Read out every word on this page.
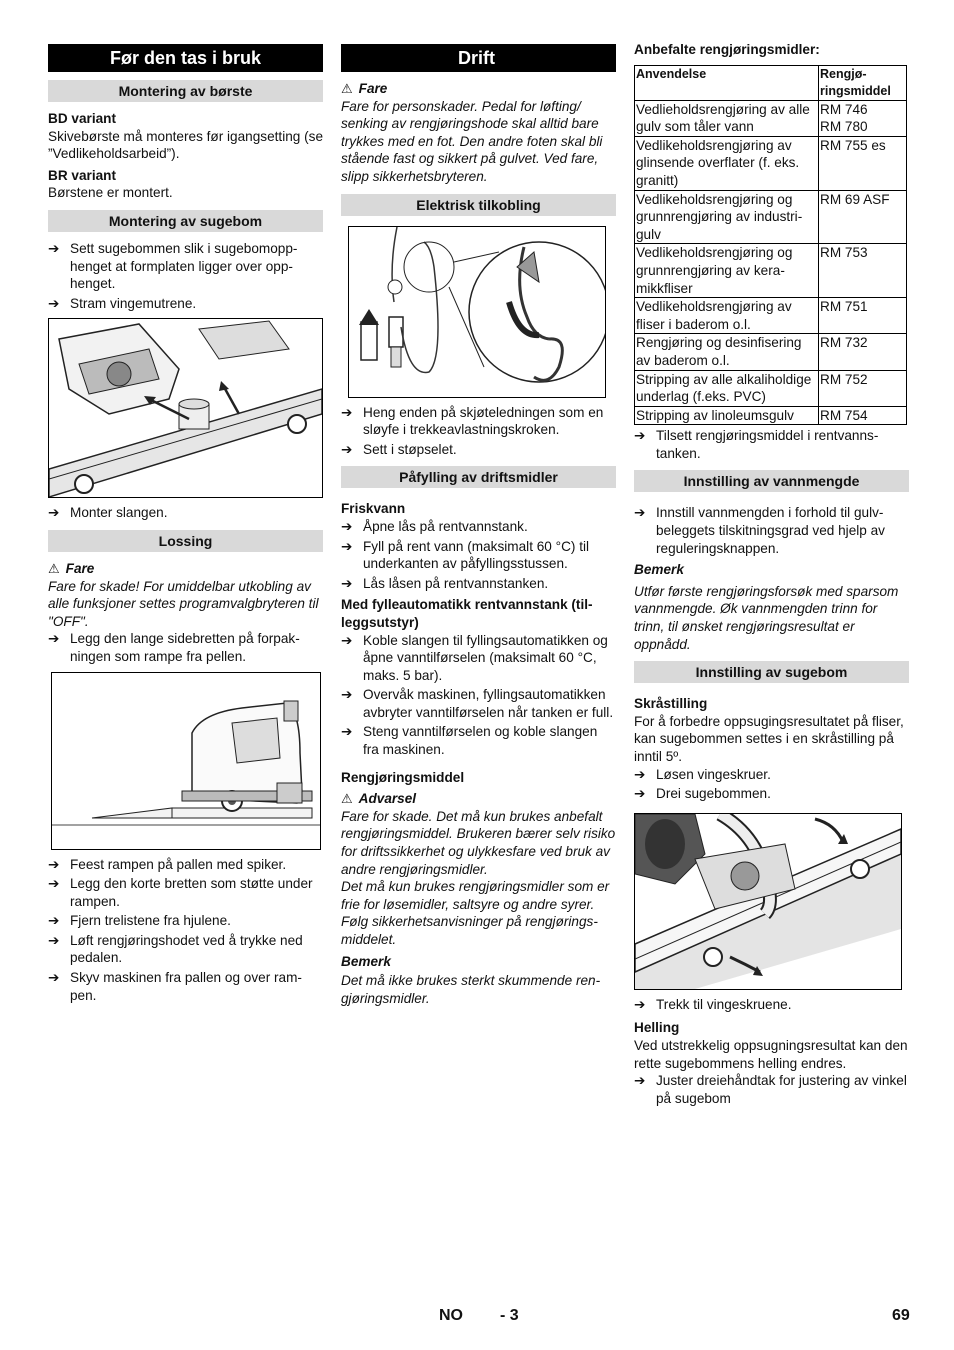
Før den tas i bruk
Montering av børste
BD variant

Skivebørste må monteres før igangsetting (se ”Vedlikeholdsarbeid”).

BR variant

Børstene er montert.

Montering av sugebom
➔ Sett sugebommen slik i sugebomopphenget at formplaten ligger over opphenget.
➔ Stram vingemutrene.
➔ Monter slangen.
Lossing
⚠ Fare

Fare for skade! For umiddelbar utkobling av alle funksjoner settes programvalgbryteren til "OFF".

➔ Legg den lange sidebretten på forpakningen som rampe fra pellen.
➔ Feest rampen på pallen med spiker.
➔ Legg den korte bretten som støtte under rampen.
➔ Fjern trelistene fra hjulene.
➔ Løft rengjøringshodet ved å trykke ned pedalen.
➔ Skyv maskinen fra pallen og over rampen.
Drift
⚠ Fare

Fare for personskader. Pedal for løfting/ senking av rengjøringshode skal alltid bare trykkes med en fot. Den andre foten skal bli stående fast og sikkert på gulvet. Ved fare, slipp sikkerhetsbryteren.

Elektrisk tilkobling
➔ Heng enden på skjøteledningen som en sløyfe i trekkeavlastningskroken.
➔ Sett i støpselet.
Påfylling av driftsmidler
Friskvann
➔ Åpne lås på rentvannstank.
➔ Fyll på rent vann (maksimalt 60 °C) til underkanten av påfyllingsstussen.
➔ Lås låsen på rentvannstanken.
Med fylleautomatikk rentvannstank (tilleggsutstyr)
➔ Koble slangen til fyllingsautomatikken og åpne vanntilførselen (maksimalt 60 °C, maks. 5 bar).
➔ Overvåk maskinen, fyllingsautomatikken avbryter vanntilførselen når tanken er full.
➔ Steng vanntilførselen og koble slangen fra maskinen.
Rengjøringsmiddel
⚠ Advarsel

Fare for skade. Det må kun brukes anbefalt rengjøringsmiddel. Brukeren bærer selv risiko for driftssikkerhet og ulykkesfare ved bruk av andre rengjøringsmidler.

Det må kun brukes rengjøringsmidler som er frie for løsemidler, saltsyre og andre syrer.

Følg sikkerhetsanvisninger på rengjøringsmiddelet.

Bemerk

Det må ikke brukes sterkt skummende rengjøringsmidler.

Anbefalte rengjøringsmidler:
Anvendelse	Rengjøringsmiddel
Vedlieholdsrengjøring av alle gulv som tåler vann	RM 746
RM 780
Vedlikeholdsrengjøring av glinsende overflater (f. eks. granitt)	RM 755 es
Vedlikeholdsrengjøring og grunnrengjøring av industrigulv	RM 69 ASF
Vedlikeholdsrengjøring og grunnrengjøring av keramikkfliser	RM 753
Vedlikeholdsrengjøring av fliser i baderom o.l.	RM 751
Rengjøring og desinfisering av baderom o.l.	RM 732
Stripping av alle alkaliholdige underlag (f.eks. PVC)	RM 752
Stripping av linoleumsgulv	RM 754
➔ Tilsett rengjøringsmiddel i rentvannstanken.
Innstilling av vannmengde
➔ Innstill vannmengden i forhold til gulvbeleggets tilskitningsgrad ved hjelp av reguleringsknappen.
Bemerk

Utfør første rengjøringsforsøk med sparsom vannmengde. Øk vannmengden trinn for trinn, til ønsket rengjøringsresultat er oppnådd.

Innstilling av sugebom
Skråstilling

For å forbedre oppsugingsresultatet på fliser, kan sugebommen settes i en skråstilling på inntil 5º.

➔ Løsen vingeskruer.
➔ Drei sugebommen.
➔ Trekk til vingeskruene.
Helling

Ved utstrekkelig oppsugningsresultat kan den rette sugebommens helling endres.

➔ Juster dreiehåndtak for justering av vinkel på sugebom
NO - 3	69
